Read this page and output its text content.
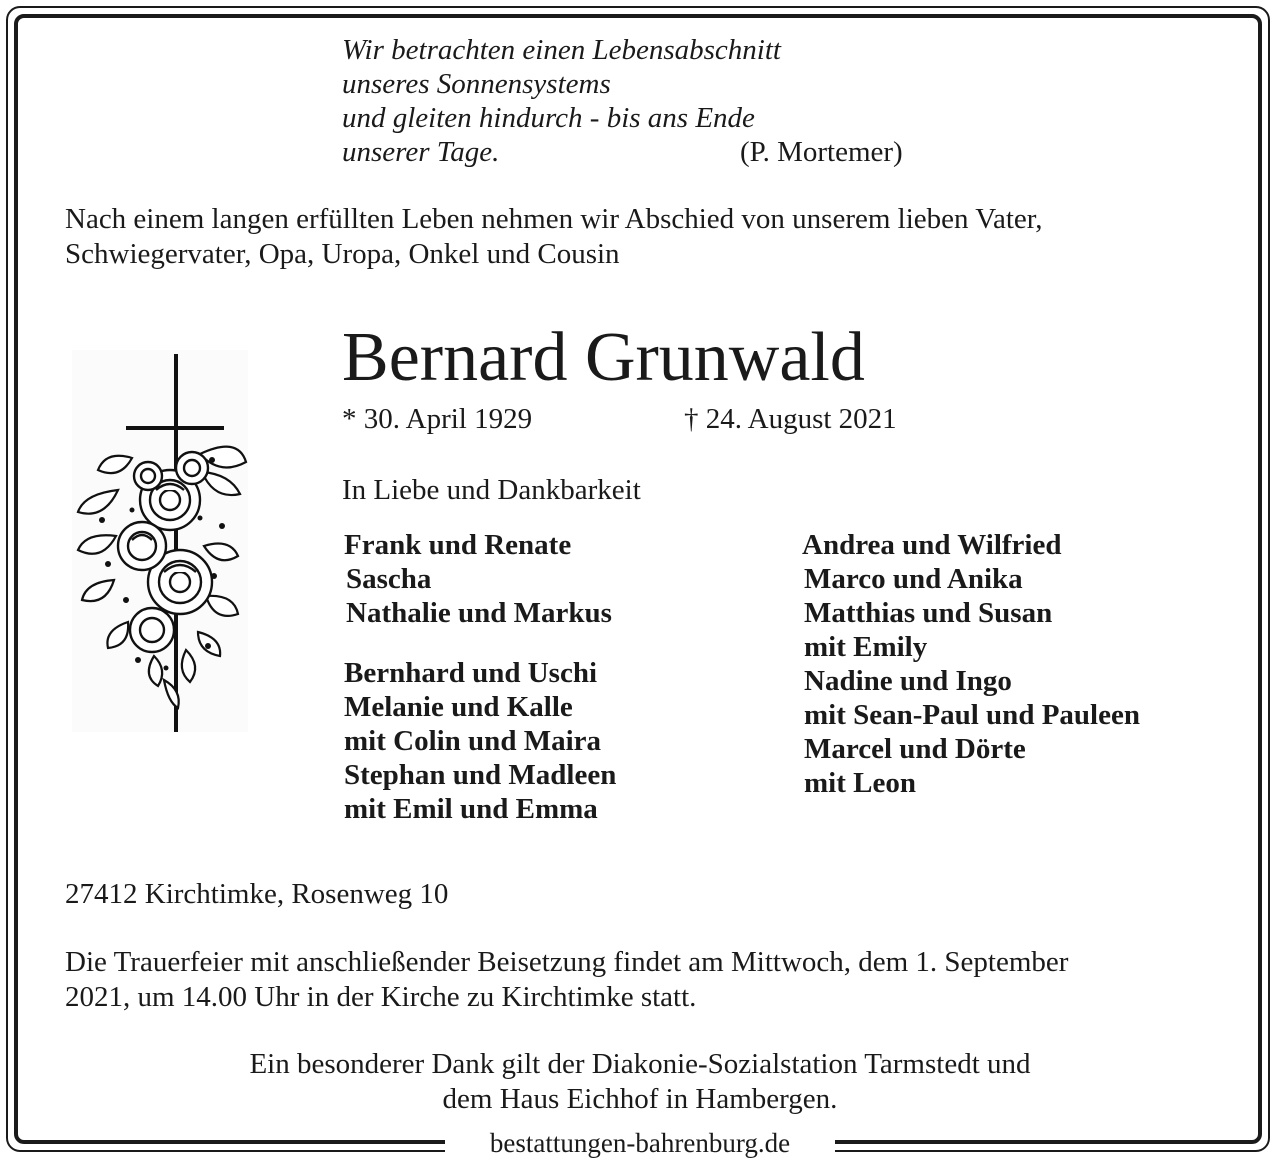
Wir betrachten einen Lebensabschnitt
unseres Sonnensystems
und gleiten hindurch - bis ans Ende
unserer Tage.	(P. Mortemer)
Nach einem langen erfüllten Leben nehmen wir Abschied von unserem lieben Vater,
Schwiegervater, Opa, Uropa, Onkel und Cousin
Bernard Grunwald
* 30. April 1929	† 24. August 2021
In Liebe und Dankbarkeit
Frank und Renate
Sascha
Nathalie und Markus
Bernhard und Uschi
Melanie und Kalle
mit Colin und Maira
Stephan und Madleen
mit Emil und Emma
Andrea und Wilfried
Marco und Anika
Matthias und Susan
mit Emily
Nadine und Ingo
mit Sean-Paul und Pauleen
Marcel und Dörte
mit Leon
27412 Kirchtimke, Rosenweg 10
Die Trauerfeier mit anschließender Beisetzung findet am Mittwoch, dem 1. September
2021, um 14.00 Uhr in der Kirche zu Kirchtimke statt.
Ein besonderer Dank gilt der Diakonie-Sozialstation Tarmstedt und
dem Haus Eichhof in Hambergen.
bestattungen-bahrenburg.de
